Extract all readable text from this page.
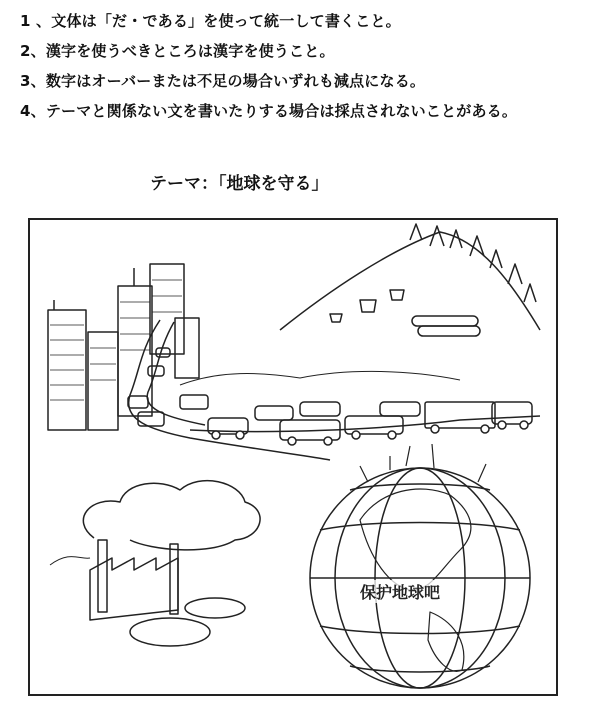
1 、文体は「だ・である」を使って統一して書くこと。
2、漢字を使うべきところは漢字を使うこと。
3、数字はオーバーまたは不足の場合いずれも減点になる。
4、テーマと関係ない文を書いたりする場合は採点されないことがある。
テーマ：「地球を守る」
保护地球吧
